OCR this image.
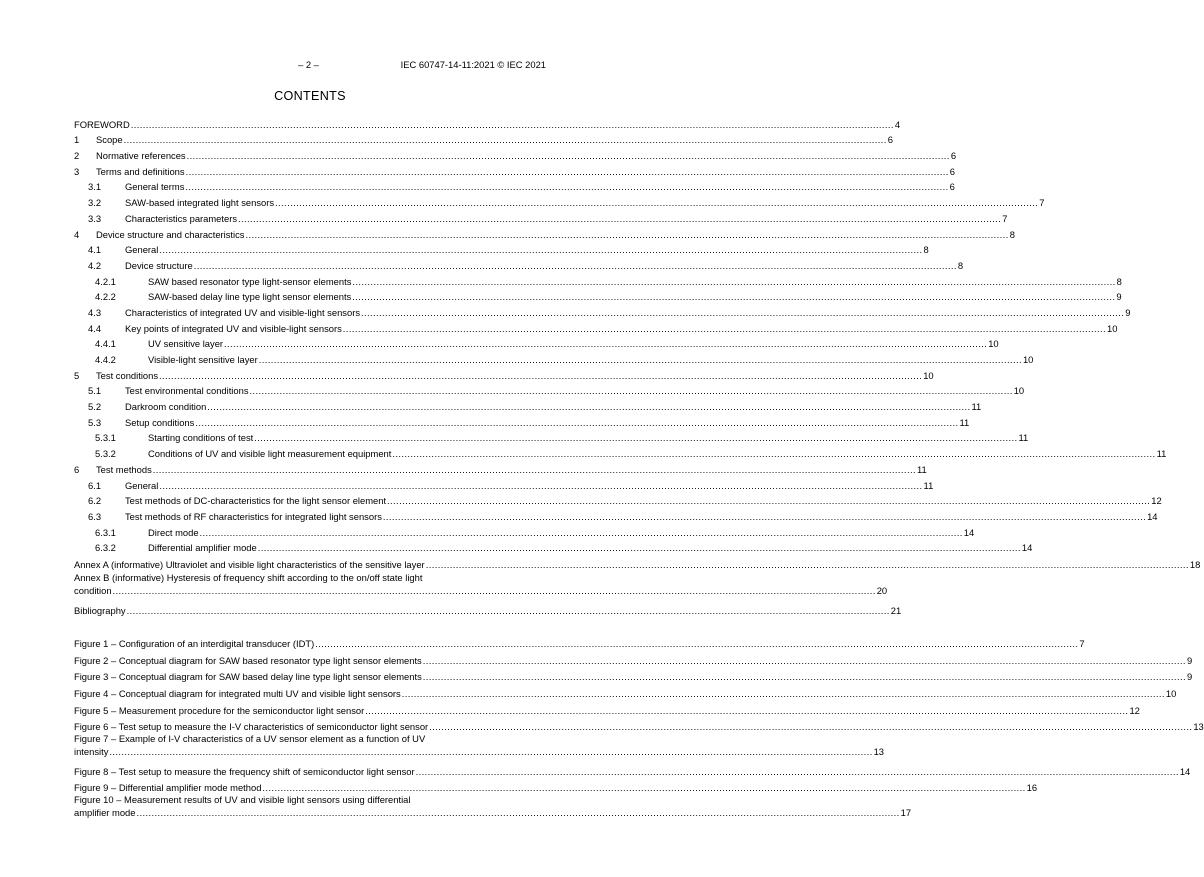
– 2 –	IEC 60747-14-11:2021 © IEC 2021
CONTENTS
FOREWORD .............................................................................................................................................................................................................................................................. 4
1	Scope .............................................................................................................................................................................................................................................................. 6
2	Normative references .............................................................................................................................................................................................................................................................. 6
3	Terms and definitions .............................................................................................................................................................................................................................................................. 6
3.1	General terms .............................................................................................................................................................................................................................................................. 6
3.2	SAW-based integrated light sensors .............................................................................................................................................................................................................................................................. 7
3.3	Characteristics parameters .............................................................................................................................................................................................................................................................. 7
4	Device structure and characteristics .............................................................................................................................................................................................................................................................. 8
4.1	General .............................................................................................................................................................................................................................................................. 8
4.2	Device structure .............................................................................................................................................................................................................................................................. 8
4.2.1	SAW based resonator type light-sensor elements .............................................................................................................................................................................................................................................................. 8
4.2.2	SAW-based delay line type light sensor elements .............................................................................................................................................................................................................................................................. 9
4.3	Characteristics of integrated UV and visible-light sensors .............................................................................................................................................................................................................................................................. 9
4.4	Key points of integrated UV and visible-light sensors .............................................................................................................................................................................................................................................................. 10
4.4.1	UV sensitive layer .............................................................................................................................................................................................................................................................. 10
4.4.2	Visible-light sensitive layer .............................................................................................................................................................................................................................................................. 10
5	Test conditions .............................................................................................................................................................................................................................................................. 10
5.1	Test environmental conditions .............................................................................................................................................................................................................................................................. 10
5.2	Darkroom condition .............................................................................................................................................................................................................................................................. 11
5.3	Setup conditions .............................................................................................................................................................................................................................................................. 11
5.3.1	Starting conditions of test .............................................................................................................................................................................................................................................................. 11
5.3.2	Conditions of UV and visible light measurement equipment .............................................................................................................................................................................................................................................................. 11
6	Test methods .............................................................................................................................................................................................................................................................. 11
6.1	General .............................................................................................................................................................................................................................................................. 11
6.2	Test methods of DC-characteristics for the light sensor element .............................................................................................................................................................................................................................................................. 12
6.3	Test methods of RF characteristics for integrated light sensors .............................................................................................................................................................................................................................................................. 14
6.3.1	Direct mode .............................................................................................................................................................................................................................................................. 14
6.3.2	Differential amplifier mode .............................................................................................................................................................................................................................................................. 14
Annex A (informative) Ultraviolet and visible light characteristics of the sensitive layer .............................................................................................................................................................................................................................................................. 18
Annex B (informative) Hysteresis of frequency shift according to the on/off state light
condition .............................................................................................................................................................................................................................................................. 20
Bibliography .............................................................................................................................................................................................................................................................. 21
Figure 1 – Configuration of an interdigital transducer (IDT) .............................................................................................................................................................................................................................................................. 7
Figure 2 – Conceptual diagram for SAW based resonator type light sensor elements .............................................................................................................................................................................................................................................................. 9
Figure 3 – Conceptual diagram for SAW based delay line type light sensor elements .............................................................................................................................................................................................................................................................. 9
Figure 4 – Conceptual diagram for integrated multi UV and visible light sensors .............................................................................................................................................................................................................................................................. 10
Figure 5 – Measurement procedure for the semiconductor light sensor .............................................................................................................................................................................................................................................................. 12
Figure 6 – Test setup to measure the I-V characteristics of semiconductor light sensor .............................................................................................................................................................................................................................................................. 13
Figure 7 – Example of I-V characteristics of a UV sensor element as a function of UV
intensity .............................................................................................................................................................................................................................................................. 13
Figure 8 – Test setup to measure the frequency shift of semiconductor light sensor .............................................................................................................................................................................................................................................................. 14
Figure 9 – Differential amplifier mode method .............................................................................................................................................................................................................................................................. 16
Figure 10 – Measurement results of UV and visible light sensors using differential
amplifier mode .............................................................................................................................................................................................................................................................. 17
